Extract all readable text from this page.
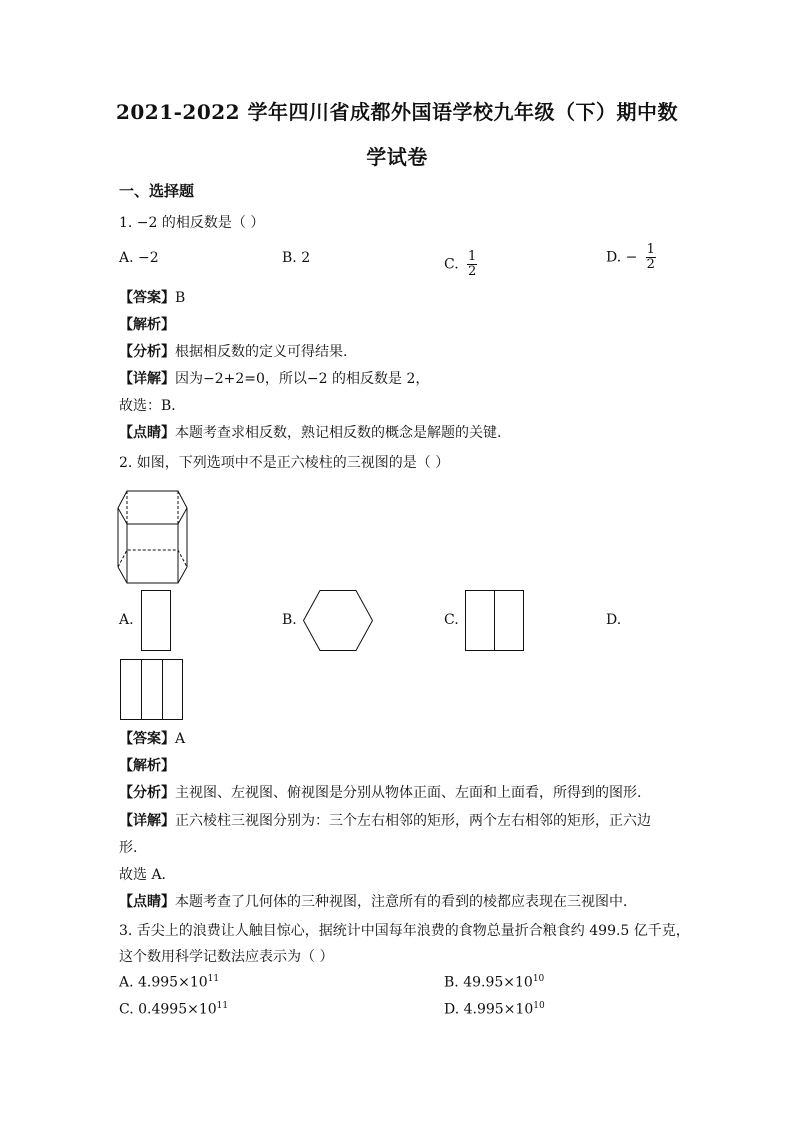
2021-2022 学年四川省成都外国语学校九年级（下）期中数
学试卷
一、选择题
1. −2 的相反数是（ ）
A. −2	B. 2	C. $\frac{1}{2}$	D. − $\frac{1}{2}$
【答案】B
【解析】
【分析】根据相反数的定义可得结果.
【详解】因为−2+2=0，所以−2 的相反数是 2，
故选：B．
【点睛】本题考查求相反数，熟记相反数的概念是解题的关键.
2. 如图，下列选项中不是正六棱柱的三视图的是（ ）
A.	B.	C.	D.
【答案】A
【解析】
【分析】主视图、左视图、俯视图是分别从物体正面、左面和上面看，所得到的图形.
【详解】正六棱柱三视图分别为：三个左右相邻的矩形，两个左右相邻的矩形，正六边
形.
故选 A．
【点睛】本题考查了几何体的三种视图，注意所有的看到的棱都应表现在三视图中．
3. 舌尖上的浪费让人触目惊心，据统计中国每年浪费的食物总量折合粮食约 499.5 亿千克，
这个数用科学记数法应表示为（ ）
A. $4.995\times 10^{11}$	B. $49.95\times 10^{10}$
C. $0.4995\times 10^{11}$	D. $4.995\times 10^{10}$
